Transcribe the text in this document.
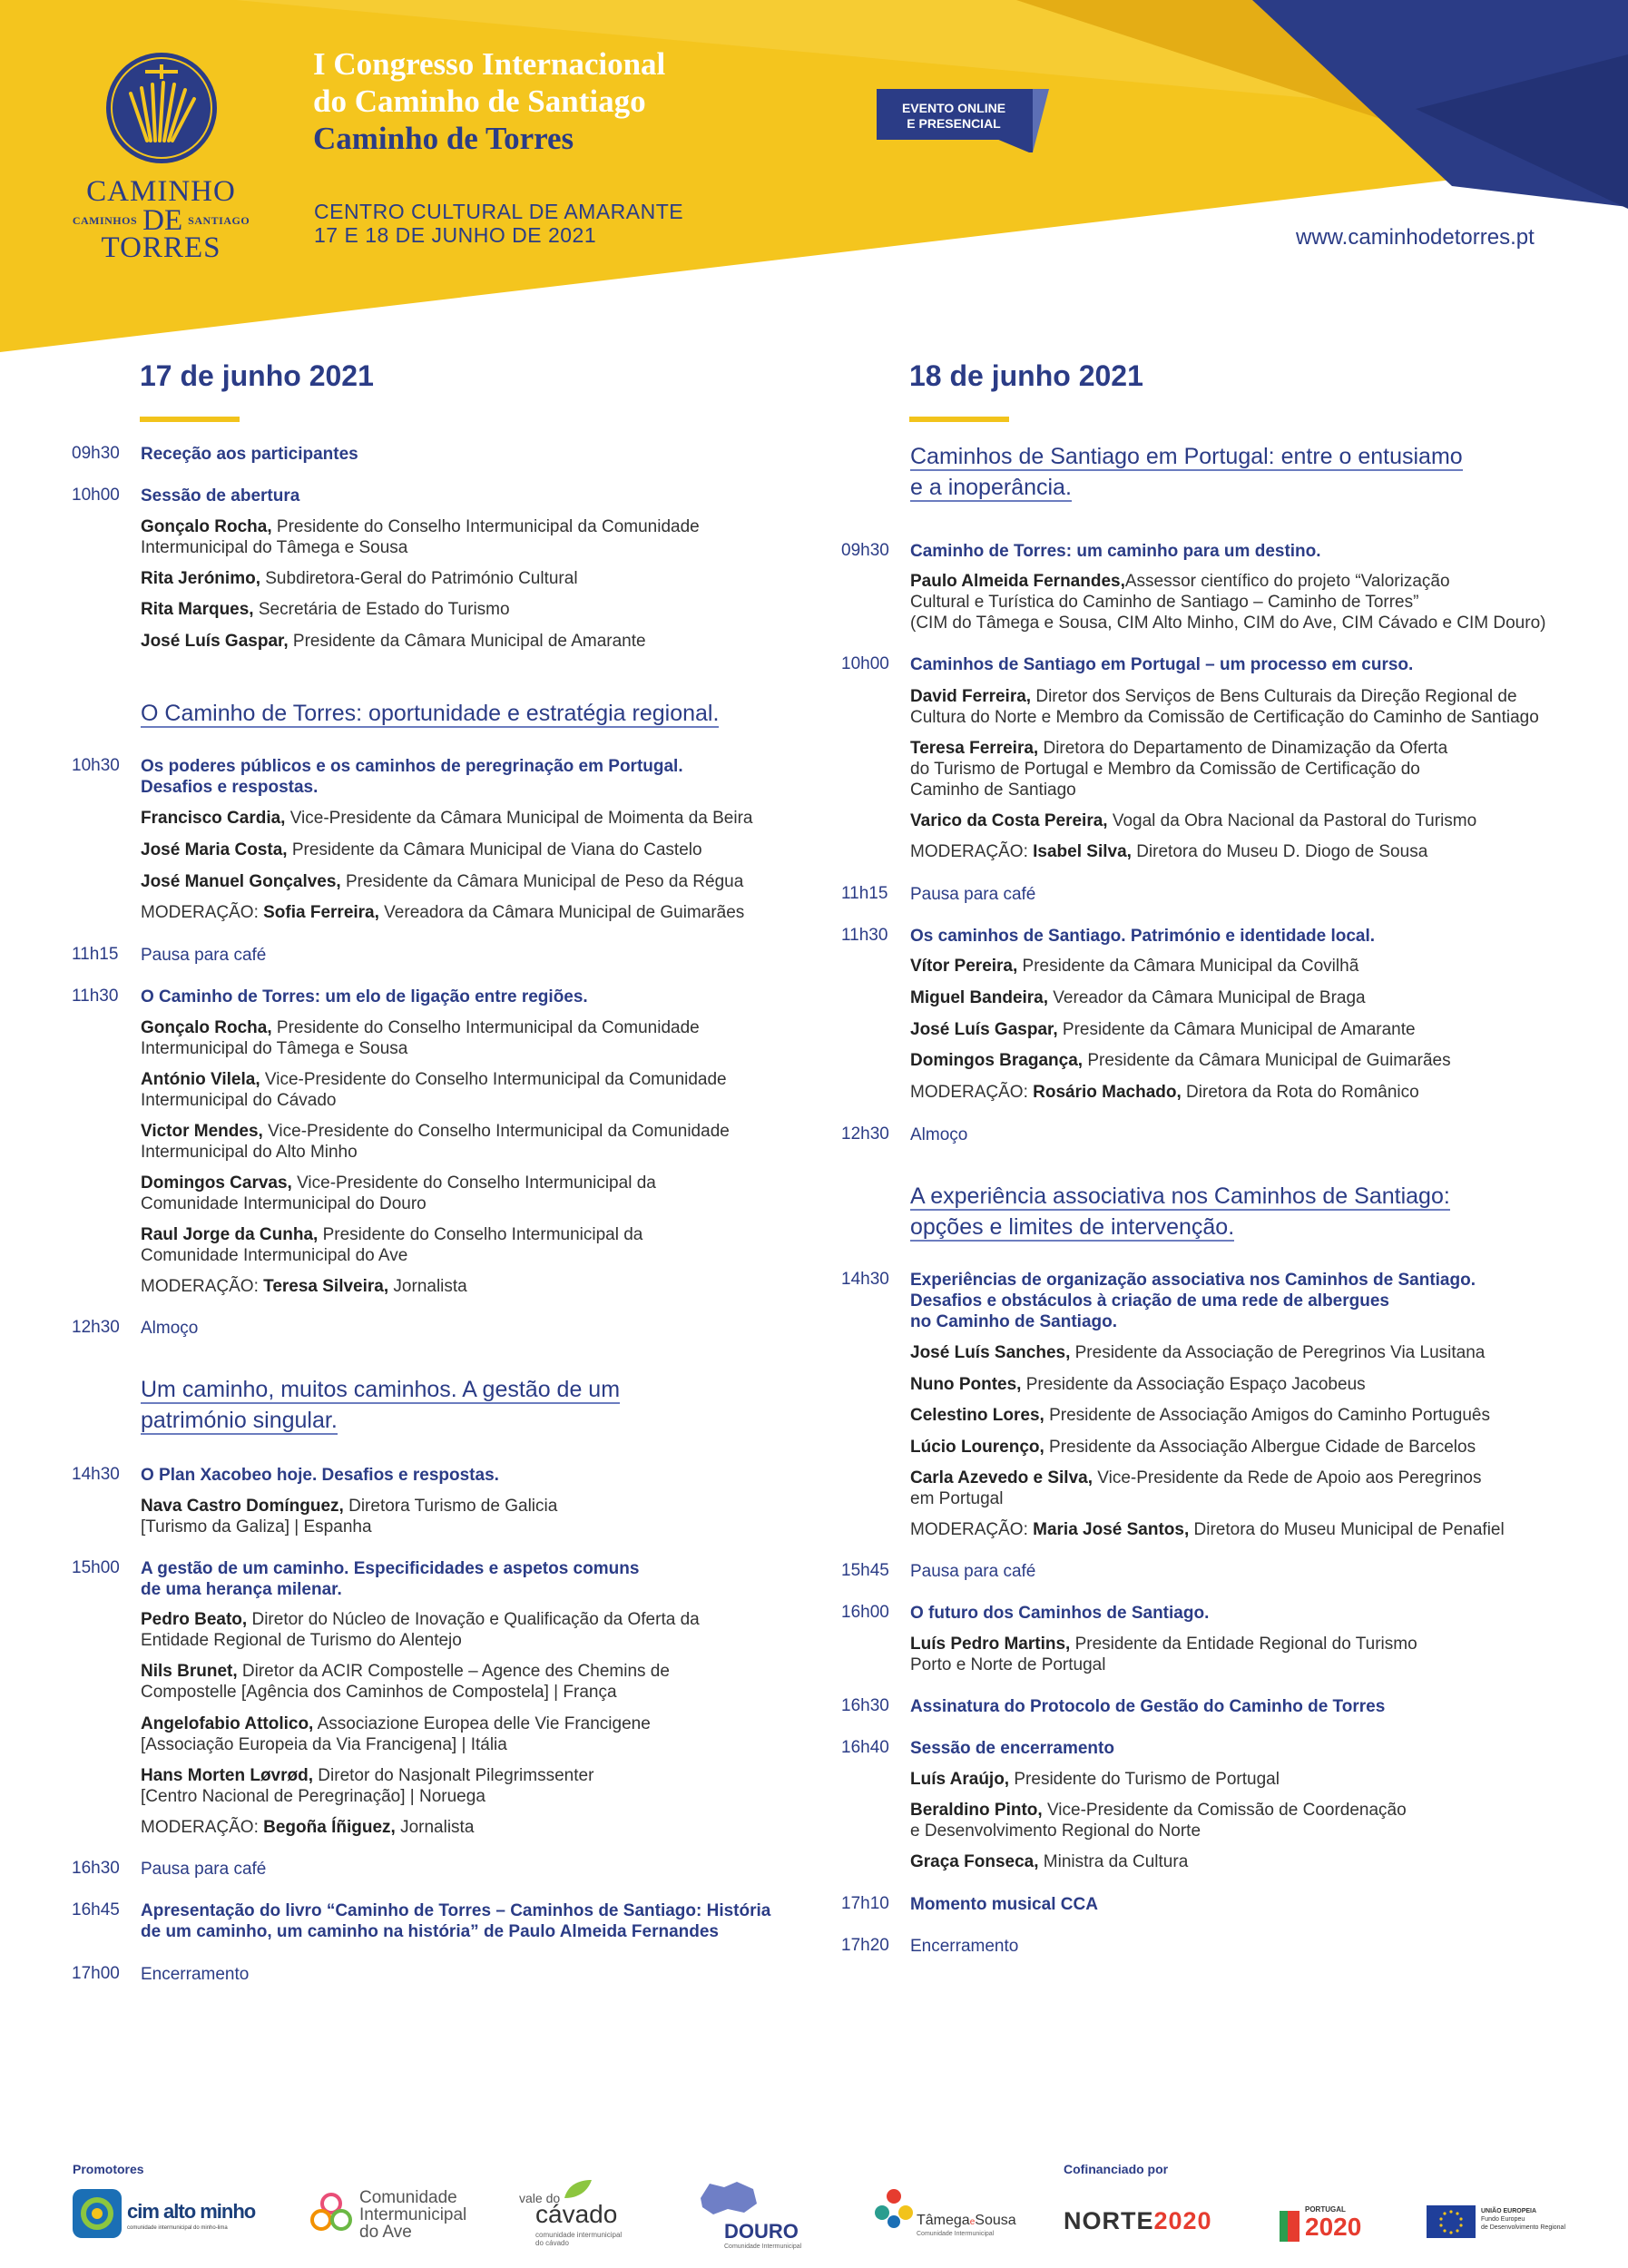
CAMINHO
CAMINHOS DE SANTIAGO
TORRES
I Congresso Internacional
do Caminho de Santiago
Caminho de Torres
CENTRO CULTURAL DE AMARANTE
17 E 18 DE JUNHO DE 2021
EVENTO ONLINE
E PRESENCIAL
www.caminhodetorres.pt
17 de junho 2021
09h30 Receção aos participantes
10h00 Sessão de abertura
Gonçalo Rocha, Presidente do Conselho Intermunicipal da Comunidade
Intermunicipal do Tâmega e Sousa
Rita Jerónimo, Subdiretora-Geral do Património Cultural
Rita Marques, Secretária de Estado do Turismo
José Luís Gaspar, Presidente da Câmara Municipal de Amarante
O Caminho de Torres: oportunidade e estratégia regional.
10h30 Os poderes públicos e os caminhos de peregrinação em Portugal.
Desafios e respostas.
Francisco Cardia, Vice-Presidente da Câmara Municipal de Moimenta da Beira
José Maria Costa, Presidente da Câmara Municipal de Viana do Castelo
José Manuel Gonçalves, Presidente da Câmara Municipal de Peso da Régua
MODERAÇÃO: Sofia Ferreira, Vereadora da Câmara Municipal de Guimarães
11h15 Pausa para café
11h30 O Caminho de Torres: um elo de ligação entre regiões.
Gonçalo Rocha, Presidente do Conselho Intermunicipal da Comunidade
Intermunicipal do Tâmega e Sousa
António Vilela, Vice-Presidente do Conselho Intermunicipal da Comunidade
Intermunicipal do Cávado
Victor Mendes, Vice-Presidente do Conselho Intermunicipal da Comunidade
Intermunicipal do Alto Minho
Domingos Carvas, Vice-Presidente do Conselho Intermunicipal da
Comunidade Intermunicipal do Douro
Raul Jorge da Cunha, Presidente do Conselho Intermunicipal da
Comunidade Intermunicipal do Ave
MODERAÇÃO: Teresa Silveira, Jornalista
12h30 Almoço
Um caminho, muitos caminhos. A gestão de um
património singular.
14h30 O Plan Xacobeo hoje. Desafios e respostas.
Nava Castro Domínguez, Diretora Turismo de Galicia
[Turismo da Galiza] | Espanha
15h00 A gestão de um caminho. Especificidades e aspetos comuns
de uma herança milenar.
Pedro Beato, Diretor do Núcleo de Inovação e Qualificação da Oferta da
Entidade Regional de Turismo do Alentejo
Nils Brunet, Diretor da ACIR Compostelle – Agence des Chemins de
Compostelle [Agência dos Caminhos de Compostela] | França
Angelofabio Attolico, Associazione Europea delle Vie Francigene
[Associação Europeia da Via Francigena] | Itália
Hans Morten Løvrød, Diretor do Nasjonalt Pilegrimssenter
[Centro Nacional de Peregrinação] | Noruega
MODERAÇÃO: Begoña Íñiguez, Jornalista
16h30 Pausa para café
16h45 Apresentação do livro “Caminho de Torres – Caminhos de Santiago: História
de um caminho, um caminho na história” de Paulo Almeida Fernandes
17h00 Encerramento
18 de junho 2021
Caminhos de Santiago em Portugal: entre o entusiamo
e a inoperância.
09h30 Caminho de Torres: um caminho para um destino.
Paulo Almeida Fernandes,Assessor científico do projeto “Valorização
Cultural e Turística do Caminho de Santiago – Caminho de Torres”
(CIM do Tâmega e Sousa, CIM Alto Minho, CIM do Ave, CIM Cávado e CIM Douro)
10h00 Caminhos de Santiago em Portugal – um processo em curso.
David Ferreira, Diretor dos Serviços de Bens Culturais da Direção Regional de
Cultura do Norte e Membro da Comissão de Certificação do Caminho de Santiago
Teresa Ferreira, Diretora do Departamento de Dinamização da Oferta
do Turismo de Portugal e Membro da Comissão de Certificação do
Caminho de Santiago
Varico da Costa Pereira, Vogal da Obra Nacional da Pastoral do Turismo
MODERAÇÃO: Isabel Silva, Diretora do Museu D. Diogo de Sousa
11h15 Pausa para café
11h30 Os caminhos de Santiago. Património e identidade local.
Vítor Pereira, Presidente da Câmara Municipal da Covilhã
Miguel Bandeira, Vereador da Câmara Municipal de Braga
José Luís Gaspar, Presidente da Câmara Municipal de Amarante
Domingos Bragança, Presidente da Câmara Municipal de Guimarães
MODERAÇÃO: Rosário Machado, Diretora da Rota do Românico
12h30 Almoço
A experiência associativa nos Caminhos de Santiago:
opções e limites de intervenção.
14h30 Experiências de organização associativa nos Caminhos de Santiago.
Desafios e obstáculos à criação de uma rede de albergues
no Caminho de Santiago.
José Luís Sanches, Presidente da Associação de Peregrinos Via Lusitana
Nuno Pontes, Presidente da Associação Espaço Jacobeus
Celestino Lores, Presidente de Associação Amigos do Caminho Português
Lúcio Lourenço, Presidente da Associação Albergue Cidade de Barcelos
Carla Azevedo e Silva, Vice-Presidente da Rede de Apoio aos Peregrinos
em Portugal
MODERAÇÃO: Maria José Santos, Diretora do Museu Municipal de Penafiel
15h45 Pausa para café
16h00 O futuro dos Caminhos de Santiago.
Luís Pedro Martins, Presidente da Entidade Regional do Turismo
Porto e Norte de Portugal
16h30 Assinatura do Protocolo de Gestão do Caminho de Torres
16h40 Sessão de encerramento
Luís Araújo, Presidente do Turismo de Portugal
Beraldino Pinto, Vice-Presidente da Comissão de Coordenação
e Desenvolvimento Regional do Norte
Graça Fonseca, Ministra da Cultura
17h10 Momento musical CCA
17h20 Encerramento
Promotores	Cofinanciado por
cim alto minho
comunidade intermunicipal do minho-lima
Comunidade
Intermunicipal
do Ave
vale do
cávado
comunidade intermunicipal
do cávado
DOURO
Comunidade Intermunicipal
TâmegaeSousa
Comunidade Intermunicipal	NORTE2020	PORTUGAL
2020
UNIÃO EUROPEIA
Fundo Europeu
de Desenvolvimento Regional
